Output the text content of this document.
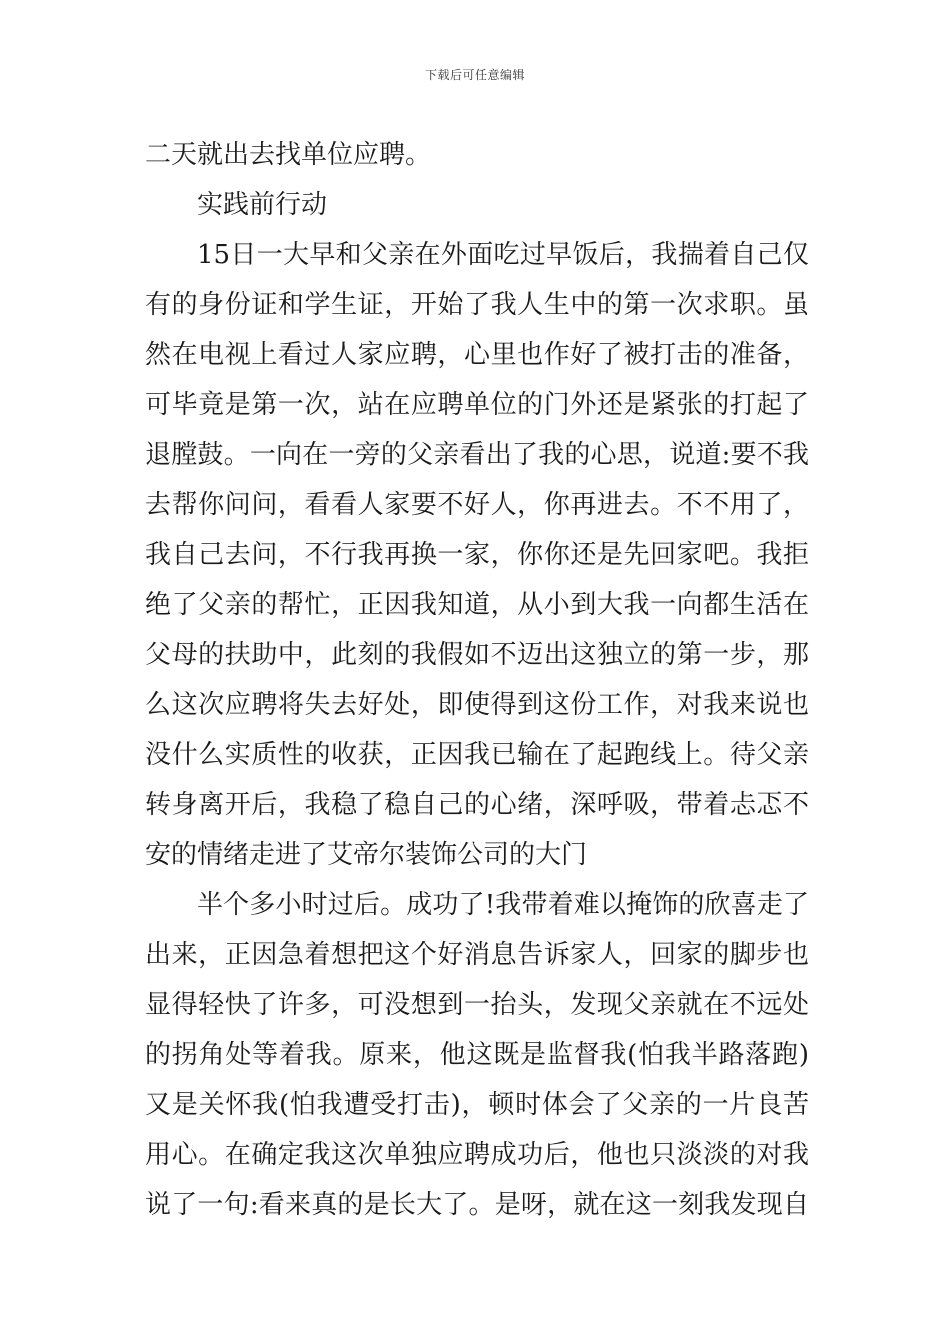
下载后可任意编辑
二天就出去找单位应聘。
实践前行动
15日一大早和父亲在外面吃过早饭后，我揣着自己仅
有的身份证和学生证，开始了我人生中的第一次求职。虽
然在电视上看过人家应聘，心里也作好了被打击的准备，
可毕竟是第一次，站在应聘单位的门外还是紧张的打起了
退膛鼓。一向在一旁的父亲看出了我的心思，说道:要不我
去帮你问问，看看人家要不好人，你再进去。不不用了，
我自己去问，不行我再换一家，你你还是先回家吧。我拒
绝了父亲的帮忙，正因我知道，从小到大我一向都生活在
父母的扶助中，此刻的我假如不迈出这独立的第一步，那
么这次应聘将失去好处，即使得到这份工作，对我来说也
没什么实质性的收获，正因我已输在了起跑线上。待父亲
转身离开后，我稳了稳自己的心绪，深呼吸，带着忐忑不
安的情绪走进了艾帝尔装饰公司的大门
半个多小时过后。成功了!我带着难以掩饰的欣喜走了
出来，正因急着想把这个好消息告诉家人，回家的脚步也
显得轻快了许多，可没想到一抬头，发现父亲就在不远处
的拐角处等着我。原来，他这既是监督我(怕我半路落跑)
又是关怀我(怕我遭受打击)，顿时体会了父亲的一片良苦
用心。在确定我这次单独应聘成功后，他也只淡淡的对我
说了一句:看来真的是长大了。是呀，就在这一刻我发现自
